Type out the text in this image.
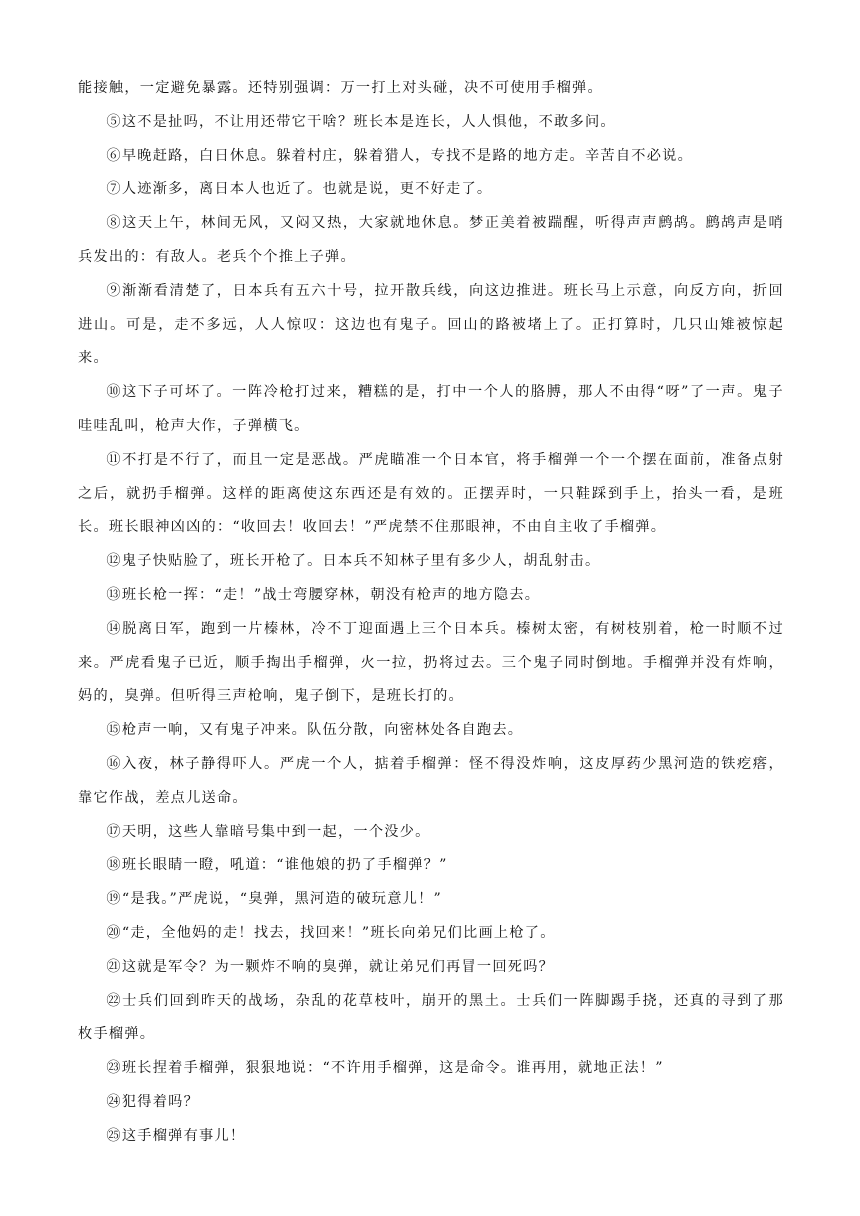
能接触，一定避免暴露。还特别强调：万一打上对头碰，决不可使用手榴弹。

⑤这不是扯吗，不让用还带它干啥？班长本是连长，人人惧他，不敢多问。

⑥早晚赶路，白日休息。躲着村庄，躲着猎人，专找不是路的地方走。辛苦自不必说。

⑦人迹渐多，离日本人也近了。也就是说，更不好走了。

⑧这天上午，林间无风，又闷又热，大家就地休息。梦正美着被踹醒，听得声声鹧鸪。鹧鸪声是哨兵发出的：有敌人。老兵个个推上子弹。

⑨渐渐看清楚了，日本兵有五六十号，拉开散兵线，向这边推进。班长马上示意，向反方向，折回进山。可是，走不多远，人人惊叹：这边也有鬼子。回山的路被堵上了。正打算时，几只山雉被惊起来。

⑩这下子可坏了。一阵冷枪打过来，糟糕的是，打中一个人的胳膊，那人不由得“呀”了一声。鬼子哇哇乱叫，枪声大作，子弹横飞。

⑪不打是不行了，而且一定是恶战。严虎瞄准一个日本官，将手榴弹一个一个摆在面前，准备点射之后，就扔手榴弹。这样的距离使这东西还是有效的。正摆弄时，一只鞋踩到手上，抬头一看，是班长。班长眼神凶凶的：“收回去！收回去！”严虎禁不住那眼神，不由自主收了手榴弹。

⑫鬼子快贴脸了，班长开枪了。日本兵不知林子里有多少人，胡乱射击。

⑬班长枪一挥：“走！”战士弯腰穿林，朝没有枪声的地方隐去。

⑭脱离日军，跑到一片榛林，冷不丁迎面遇上三个日本兵。榛树太密，有树枝别着，枪一时顺不过来。严虎看鬼子已近，顺手掏出手榴弹，火一拉，扔将过去。三个鬼子同时倒地。手榴弹并没有炸响，妈的，臭弹。但听得三声枪响，鬼子倒下，是班长打的。

⑮枪声一响，又有鬼子冲来。队伍分散，向密林处各自跑去。

⑯入夜，林子静得吓人。严虎一个人，掂着手榴弹：怪不得没炸响，这皮厚药少黑河造的铁疙瘩，靠它作战，差点儿送命。

⑰天明，这些人靠暗号集中到一起，一个没少。

⑱班长眼睛一瞪，吼道：“谁他娘的扔了手榴弹？”

⑲“是我。”严虎说，“臭弹，黑河造的破玩意儿！”

⑳“走，全他妈的走！找去，找回来！”班长向弟兄们比画上枪了。

㉑这就是军令？为一颗炸不响的臭弹，就让弟兄们再冒一回死吗？

㉒士兵们回到昨天的战场，杂乱的花草枝叶，崩开的黑土。士兵们一阵脚踢手挠，还真的寻到了那枚手榴弹。

㉓班长捏着手榴弹，狠狠地说：“不许用手榴弹，这是命令。谁再用，就地正法！”

㉔犯得着吗？

㉕这手榴弹有事儿！
